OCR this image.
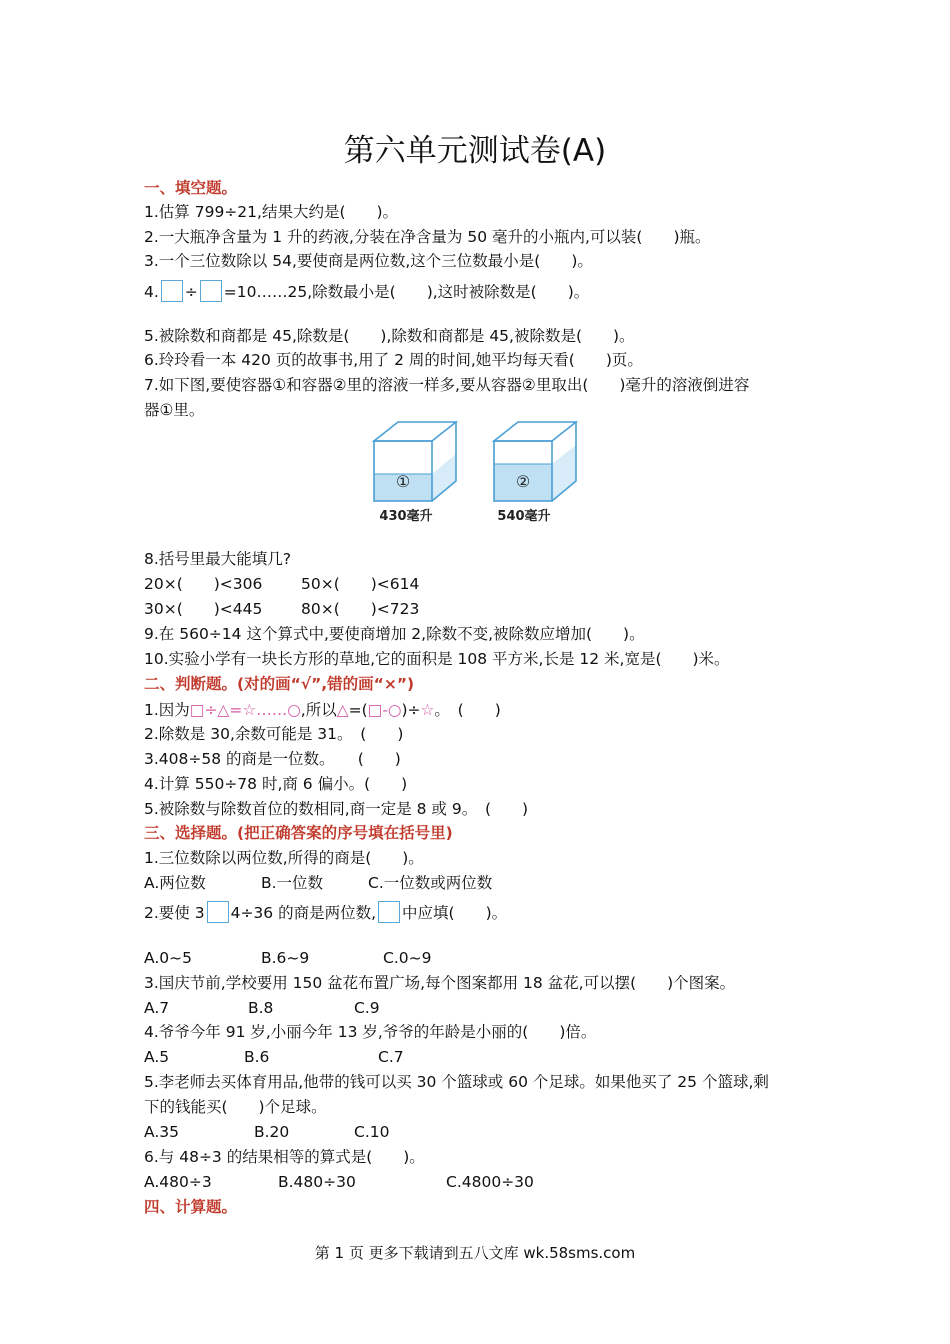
第六单元测试卷(A)
一、填空题。
1.估算 799÷21,结果大约是(　　)。
2.一大瓶净含量为 1 升的药液,分装在净含量为 50 毫升的小瓶内,可以装(　　)瓶。
3.一个三位数除以 54,要使商是两位数,这个三位数最小是(　　)。
4. ÷ =10……25,除数最小是(　　),这时被除数是(　　)。
5.被除数和商都是 45,除数是(　　),除数和商都是 45,被除数是(　　)。
6.玲玲看一本 420 页的故事书,用了 2 周的时间,她平均每天看(　　)页。
7.如下图,要使容器①和容器②里的溶液一样多,要从容器②里取出(　　)毫升的溶液倒进容
器①里。
①
430毫升
②
540毫升
8.括号里最大能填几?
20×(　　)<306 50×(　　)<614
30×(　　)<445 80×(　　)<723
9.在 560÷14 这个算式中,要使商增加 2,除数不变,被除数应增加(　　)。
10.实验小学有一块长方形的草地,它的面积是 108 平方米,长是 12 米,宽是(　　)米。
二、判断题。(对的画“√”,错的画“×”)
1.因为□÷△=☆……○,所以△=(□-○)÷☆。　(　　)
2.除数是 30,余数可能是 31。　(　　)
3.408÷58 的商是一位数。　　(　　)
4.计算 550÷78 时,商 6 偏小。(　　)
5.被除数与除数首位的数相同,商一定是 8 或 9。　(　　)
三、选择题。(把正确答案的序号填在括号里)
1.三位数除以两位数,所得的商是(　　)。
A.两位数	B.一位数	C.一位数或两位数
2.要使 3 4÷36 的商是两位数, 中应填(　　)。
A.0~5	B.6~9	C.0~9
3.国庆节前,学校要用 150 盆花布置广场,每个图案都用 18 盆花,可以摆(　　)个图案。
A.7	B.8	C.9
4.爷爷今年 91 岁,小丽今年 13 岁,爷爷的年龄是小丽的(　　)倍。
A.5	B.6	C.7
5.李老师去买体育用品,他带的钱可以买 30 个篮球或 60 个足球。如果他买了 25 个篮球,剩
下的钱能买(　　)个足球。
A.35	B.20	C.10
6.与 48÷3 的结果相等的算式是(　　)。
A.480÷3	B.480÷30	C.4800÷30
四、计算题。
第 1 页 更多下载请到五八文库 wk.58sms.com
